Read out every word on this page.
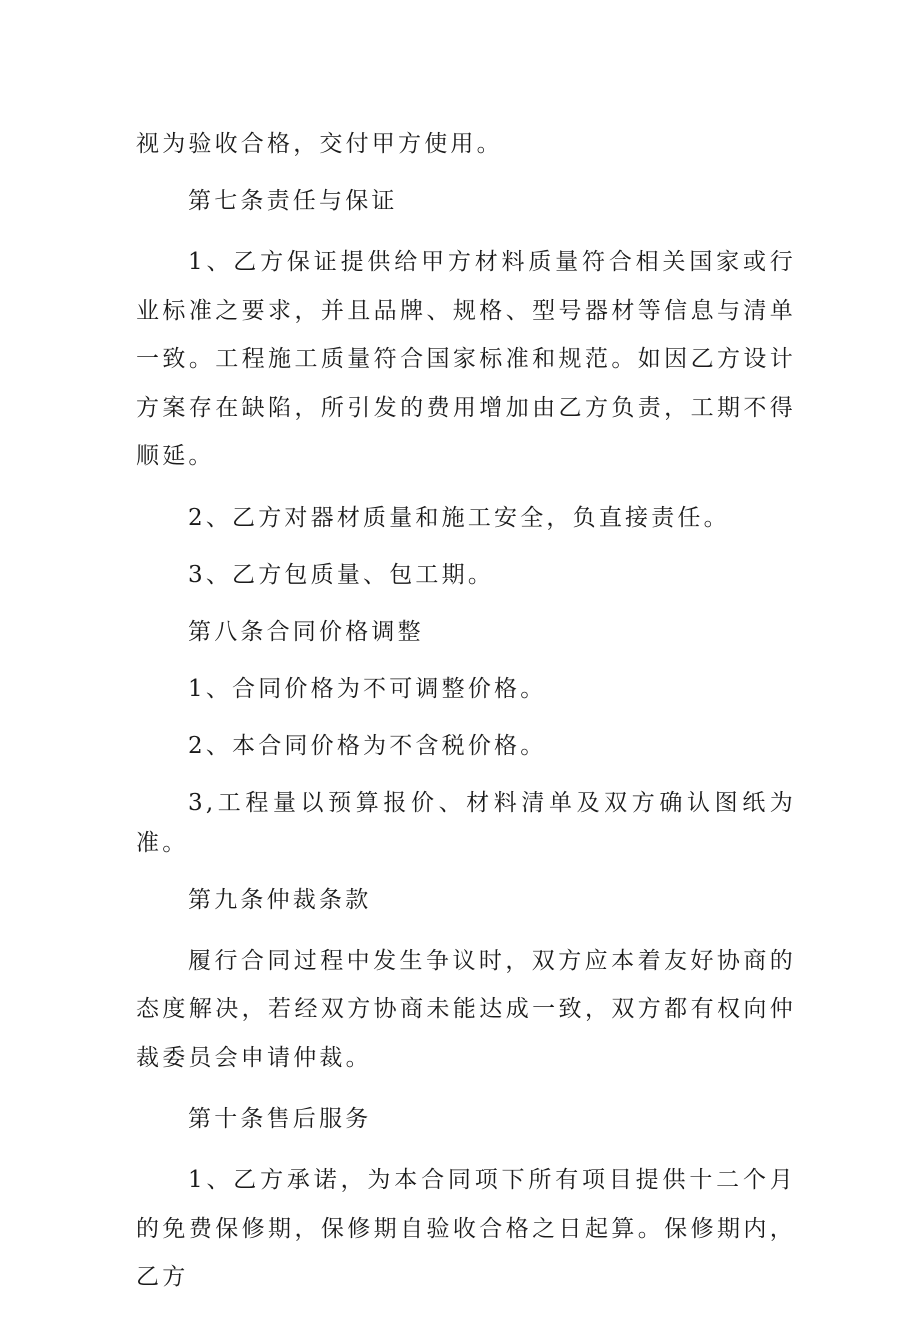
视为验收合格，交付甲方使用。

第七条责任与保证

1、乙方保证提供给甲方材料质量符合相关国家或行业标准之要求，并且品牌、规格、型号器材等信息与清单一致。工程施工质量符合国家标准和规范。如因乙方设计方案存在缺陷，所引发的费用增加由乙方负责，工期不得顺延。

2、乙方对器材质量和施工安全，负直接责任。

3、乙方包质量、包工期。

第八条合同价格调整

1、合同价格为不可调整价格。

2、本合同价格为不含税价格。

3,工程量以预算报价、材料清单及双方确认图纸为准。

第九条仲裁条款

履行合同过程中发生争议时，双方应本着友好协商的态度解决，若经双方协商未能达成一致，双方都有权向仲裁委员会申请仲裁。

第十条售后服务

1、乙方承诺，为本合同项下所有项目提供十二个月的免费保修期，保修期自验收合格之日起算。保修期内，乙方
